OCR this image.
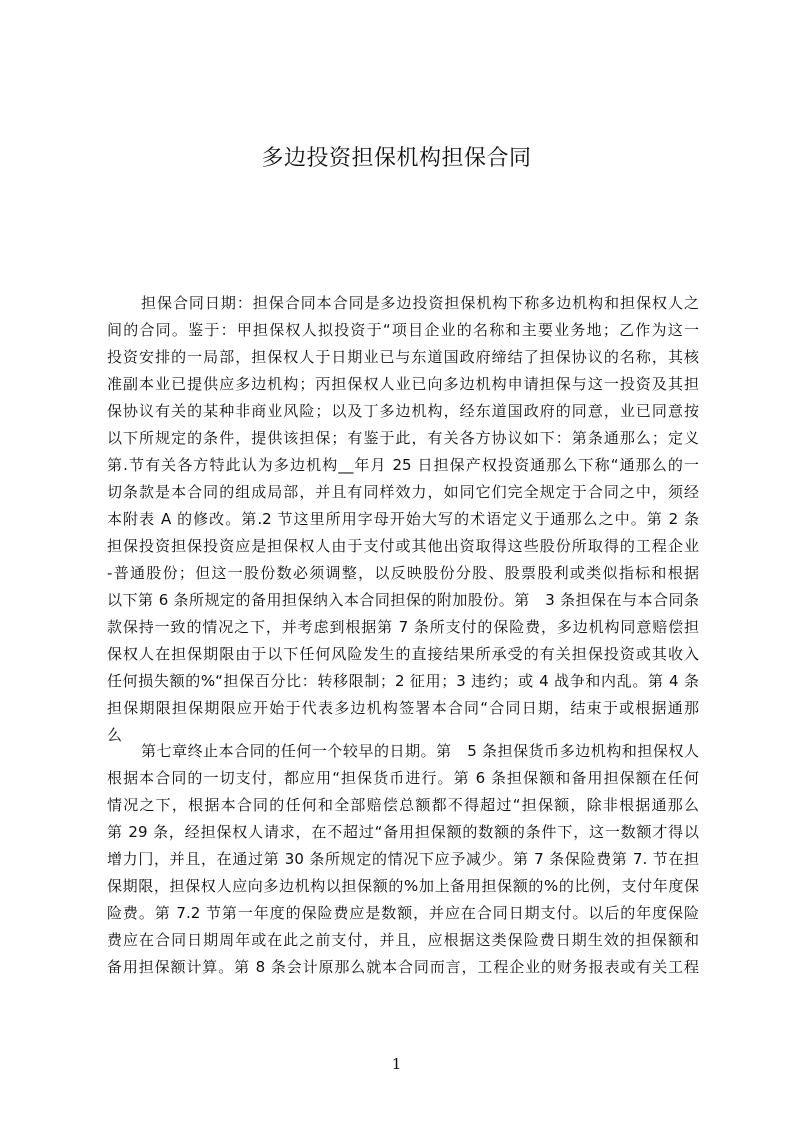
多边投资担保机构担保合同
担保合同日期：担保合同本合同是多边投资担保机构下称多边机构和担保权人之
间的合同。鉴于：甲担保权人拟投资于“项目企业的名称和主要业务地；乙作为这一
投资安排的一局部，担保权人于日期业已与东道国政府缔结了担保协议的名称，其核
准副本业已提供应多边机构；丙担保权人业已向多边机构申请担保与这一投资及其担
保协议有关的某种非商业风险；以及丁多边机构，经东道国政府的同意，业已同意按
以下所规定的条件，提供该担保；有鉴于此，有关各方协议如下：第条通那么；定义
第.节有关各方特此认为多边机构__年月 25 日担保产权投资通那么下称“通那么的一
切条款是本合同的组成局部，并且有同样效力，如同它们完全规定于合同之中，须经
本附表 A 的修改。第.2 节这里所用字母开始大写的术语定义于通那么之中。第 2 条
担保投资担保投资应是担保权人由于支付或其他出资取得这些股份所取得的工程企业
-普通股份；但这一股份数必须调整，以反映股份分股、股票股利或类似指标和根据
以下第 6 条所规定的备用担保纳入本合同担保的附加股份。第　3 条担保在与本合同条
款保持一致的情况之下，并考虑到根据第 7 条所支付的保险费，多边机构同意赔偿担
保权人在担保期限由于以下任何风险发生的直接结果所承受的有关担保投资或其收入
任何损失额的%“担保百分比：转移限制；2 征用；3 违约；或 4 战争和内乱。第 4 条
担保期限担保期限应开始于代表多边机构签署本合同“合同日期，结束于或根据通那
么
第七章终止本合同的任何一个较早的日期。第　5 条担保货币多边机构和担保权人
根据本合同的一切支付，都应用“担保货币进行。第 6 条担保额和备用担保额在任何
情况之下，根据本合同的任何和全部赔偿总额都不得超过“担保额，除非根据通那么
第 29 条，经担保权人请求，在不超过“备用担保额的数额的条件下，这一数额才得以
增力冂，并且，在通过第 30 条所规定的情况下应予减少。第 7 条保险费第 7. 节在担
保期限，担保权人应向多边机构以担保额的%加上备用担保额的%的比例，支付年度保
险费。第 7.2 节第一年度的保险费应是数额，并应在合同日期支付。以后的年度保险
费应在合同日期周年或在此之前支付，并且，应根据这类保险费日期生效的担保额和
备用担保额计算。第 8 条会计原那么就本合同而言，工程企业的财务报表或有关工程
1
